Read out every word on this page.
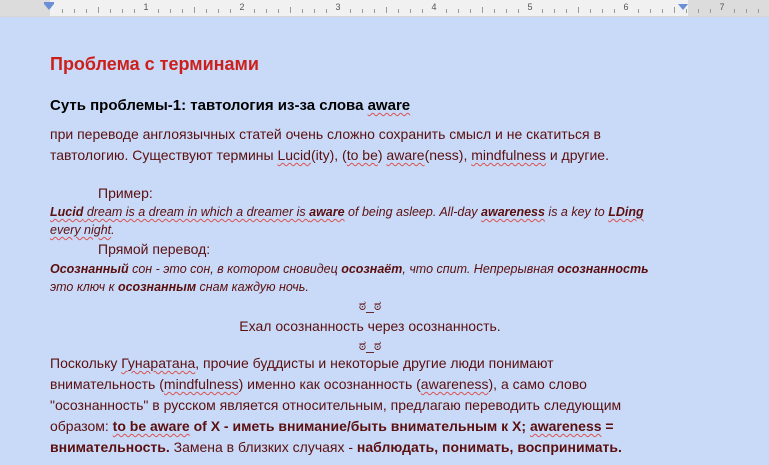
1	2	3	4	5	6	7
Проблема с терминами
Суть проблемы-1: тавтология из-за слова aware
при переводе англоязычных статей очень сложно сохранить смысл и не скатиться в
тавтологию. Существуют термины Lucid(ity), (to be) aware(ness), mindfulness и другие.
Пример:
Lucid dream is a dream in which a dreamer is aware of being asleep. All-day awareness is a key to LDing
every night.
Прямой перевод:
Осознанный сон - это сон, в котором сновидец осознаёт, что спит. Непрерывная осознанность
это ключ к осознанным снам каждую ночь.
ಠ_ಠ
Ехал осознанность через осознанность.
ಠ_ಠ
Поскольку Гунаратана, прочие буддисты и некоторые другие люди понимают
внимательность (mindfulness) именно как осознанность (awareness), а само слово
"осознанность" в русском является относительным, предлагаю переводить следующим
образом: to be aware of X - иметь внимание/быть внимательным к X; awareness =
внимательность. Замена в близких случаях - наблюдать, понимать, воспринимать.
